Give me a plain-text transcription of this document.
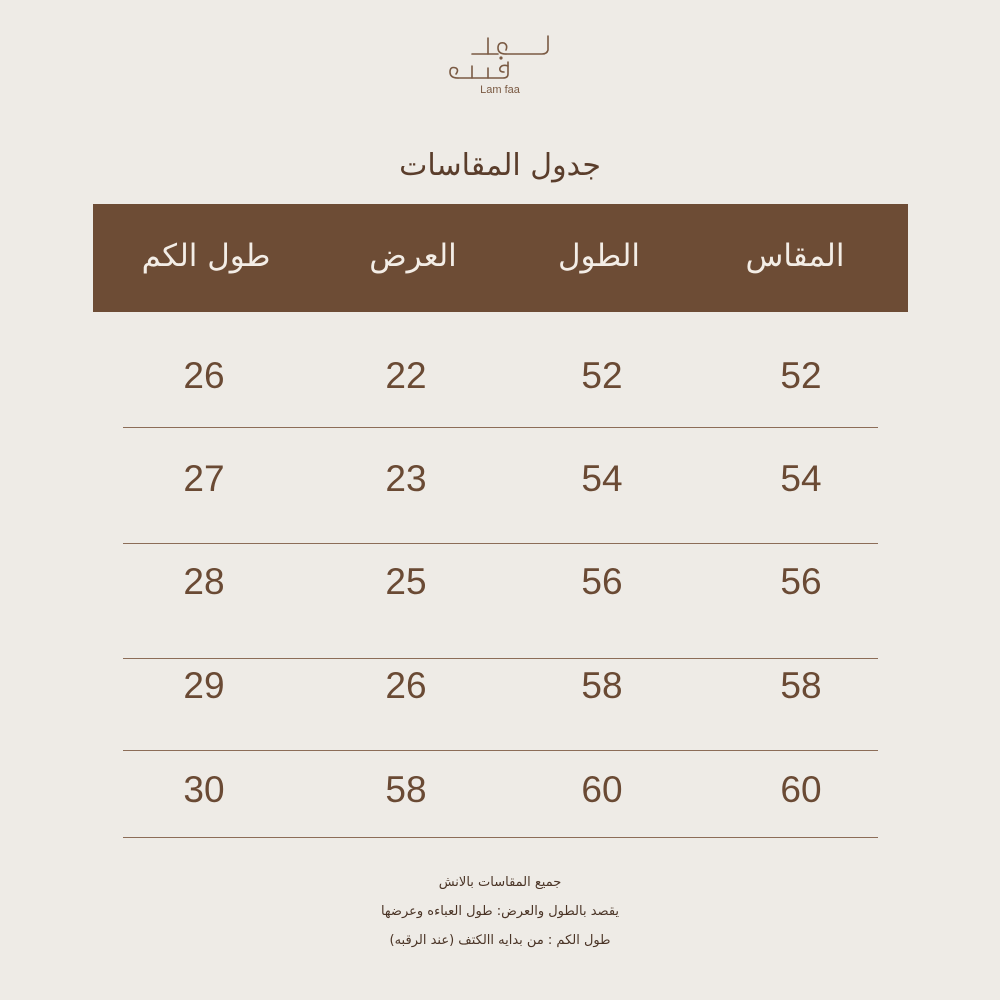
Lam faa
جدول المقاسات
المقاس
الطول
العرض
طول الكم
52
52
22
26
54
54
23
27
56
56
25
28
58
58
26
29
60
60
58
30
جميع المقاسات بالانش
يقصد بالطول والعرض: طول العباءه وعرضها
طول الكم : من بدايه االكتف (عند الرقبه)
